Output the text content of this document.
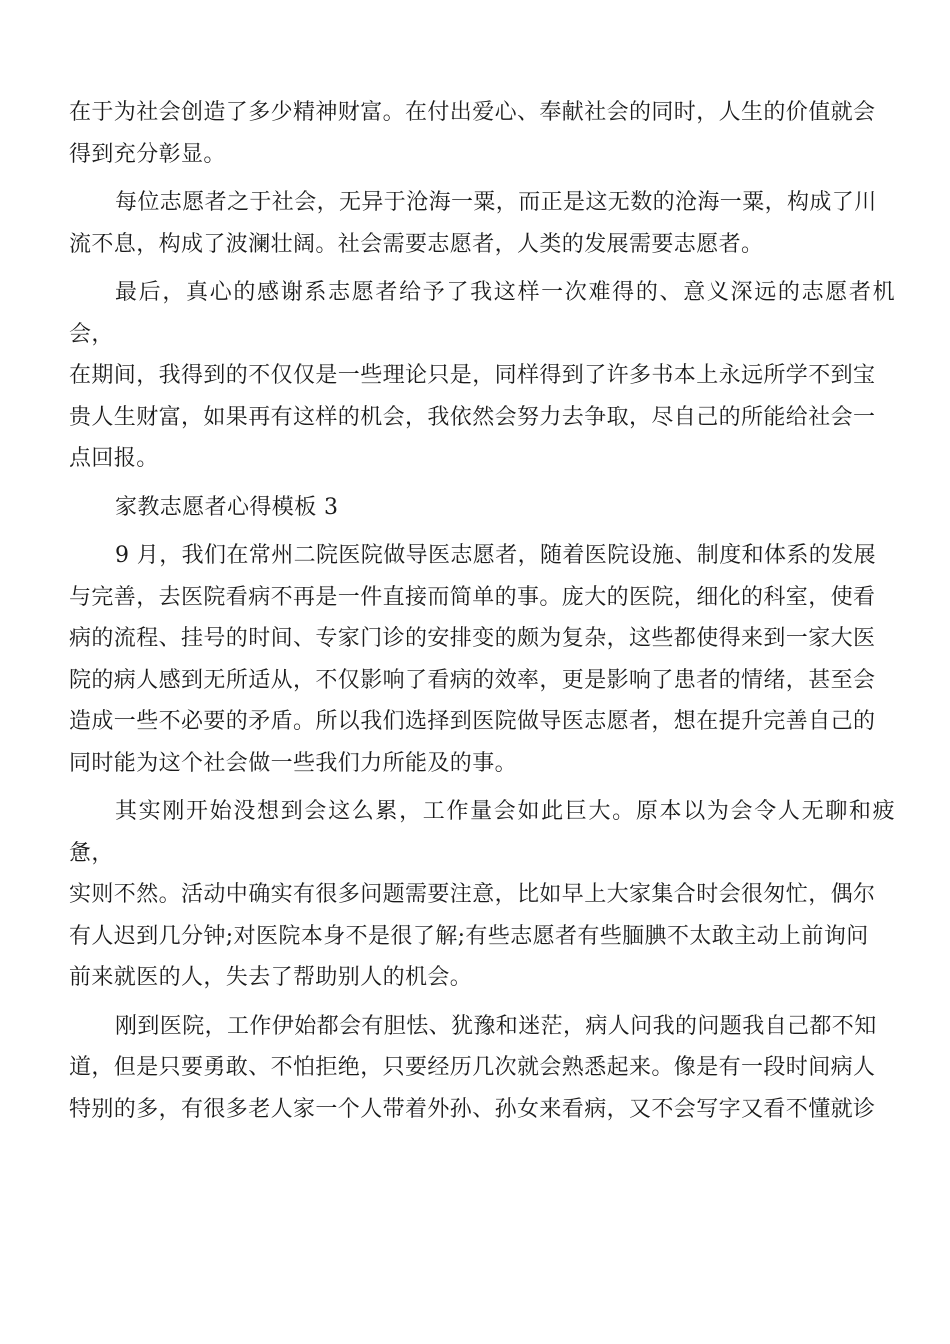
在于为社会创造了多少精神财富。在付出爱心、奉献社会的同时，人生的价值就会
得到充分彰显。

每位志愿者之于社会，无异于沧海一粟，而正是这无数的沧海一粟，构成了川
流不息，构成了波澜壮阔。社会需要志愿者，人类的发展需要志愿者。

最后，真心的感谢系志愿者给予了我这样一次难得的、意义深远的志愿者机会，
在期间，我得到的不仅仅是一些理论只是，同样得到了许多书本上永远所学不到宝
贵人生财富，如果再有这样的机会，我依然会努力去争取，尽自己的所能给社会一
点回报。

家教志愿者心得模板 3

9 月，我们在常州二院医院做导医志愿者，随着医院设施、制度和体系的发展
与完善，去医院看病不再是一件直接而简单的事。庞大的医院，细化的科室，使看
病的流程、挂号的时间、专家门诊的安排变的颇为复杂，这些都使得来到一家大医
院的病人感到无所适从，不仅影响了看病的效率，更是影响了患者的情绪，甚至会
造成一些不必要的矛盾。所以我们选择到医院做导医志愿者，想在提升完善自己的
同时能为这个社会做一些我们力所能及的事。

其实刚开始没想到会这么累，工作量会如此巨大。原本以为会令人无聊和疲惫，
实则不然。活动中确实有很多问题需要注意，比如早上大家集合时会很匆忙，偶尔
有人迟到几分钟;对医院本身不是很了解;有些志愿者有些腼腆不太敢主动上前询问
前来就医的人，失去了帮助别人的机会。

刚到医院，工作伊始都会有胆怯、犹豫和迷茫，病人问我的问题我自己都不知
道，但是只要勇敢、不怕拒绝，只要经历几次就会熟悉起来。像是有一段时间病人
特别的多，有很多老人家一个人带着外孙、孙女来看病，又不会写字又看不懂就诊
